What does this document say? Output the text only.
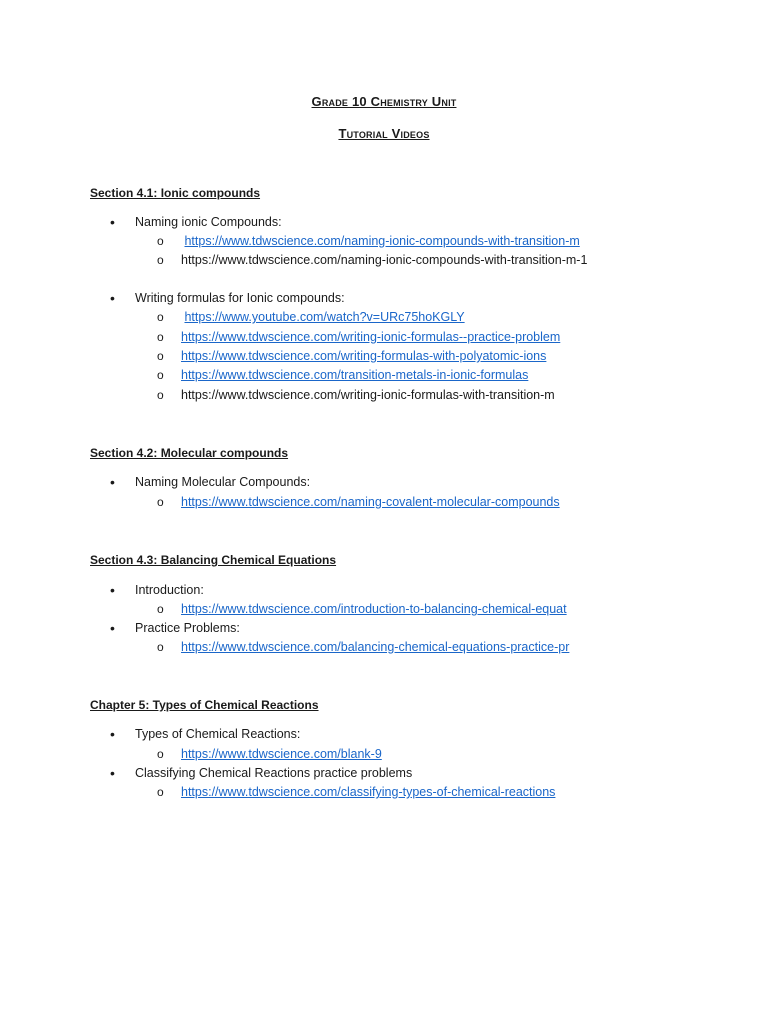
Grade 10 Chemistry Unit
Tutorial Videos
Section 4.1: Ionic compounds
• Naming ionic Compounds:
o https://www.tdwscience.com/naming-ionic-compounds-with-transition-m
o https://www.tdwscience.com/naming-ionic-compounds-with-transition-m-1
• Writing formulas for Ionic compounds:
o https://www.youtube.com/watch?v=URc75hoKGLY
o https://www.tdwscience.com/writing-ionic-formulas--practice-problem
o https://www.tdwscience.com/writing-formulas-with-polyatomic-ions
o https://www.tdwscience.com/transition-metals-in-ionic-formulas
o https://www.tdwscience.com/writing-ionic-formulas-with-transition-m
Section 4.2: Molecular compounds
• Naming Molecular Compounds:
o https://www.tdwscience.com/naming-covalent-molecular-compounds
Section 4.3: Balancing Chemical Equations
• Introduction:
o https://www.tdwscience.com/introduction-to-balancing-chemical-equat
• Practice Problems:
o https://www.tdwscience.com/balancing-chemical-equations-practice-pr
Chapter 5: Types of Chemical Reactions
• Types of Chemical Reactions:
o https://www.tdwscience.com/blank-9
• Classifying Chemical Reactions practice problems
o https://www.tdwscience.com/classifying-types-of-chemical-reactions
